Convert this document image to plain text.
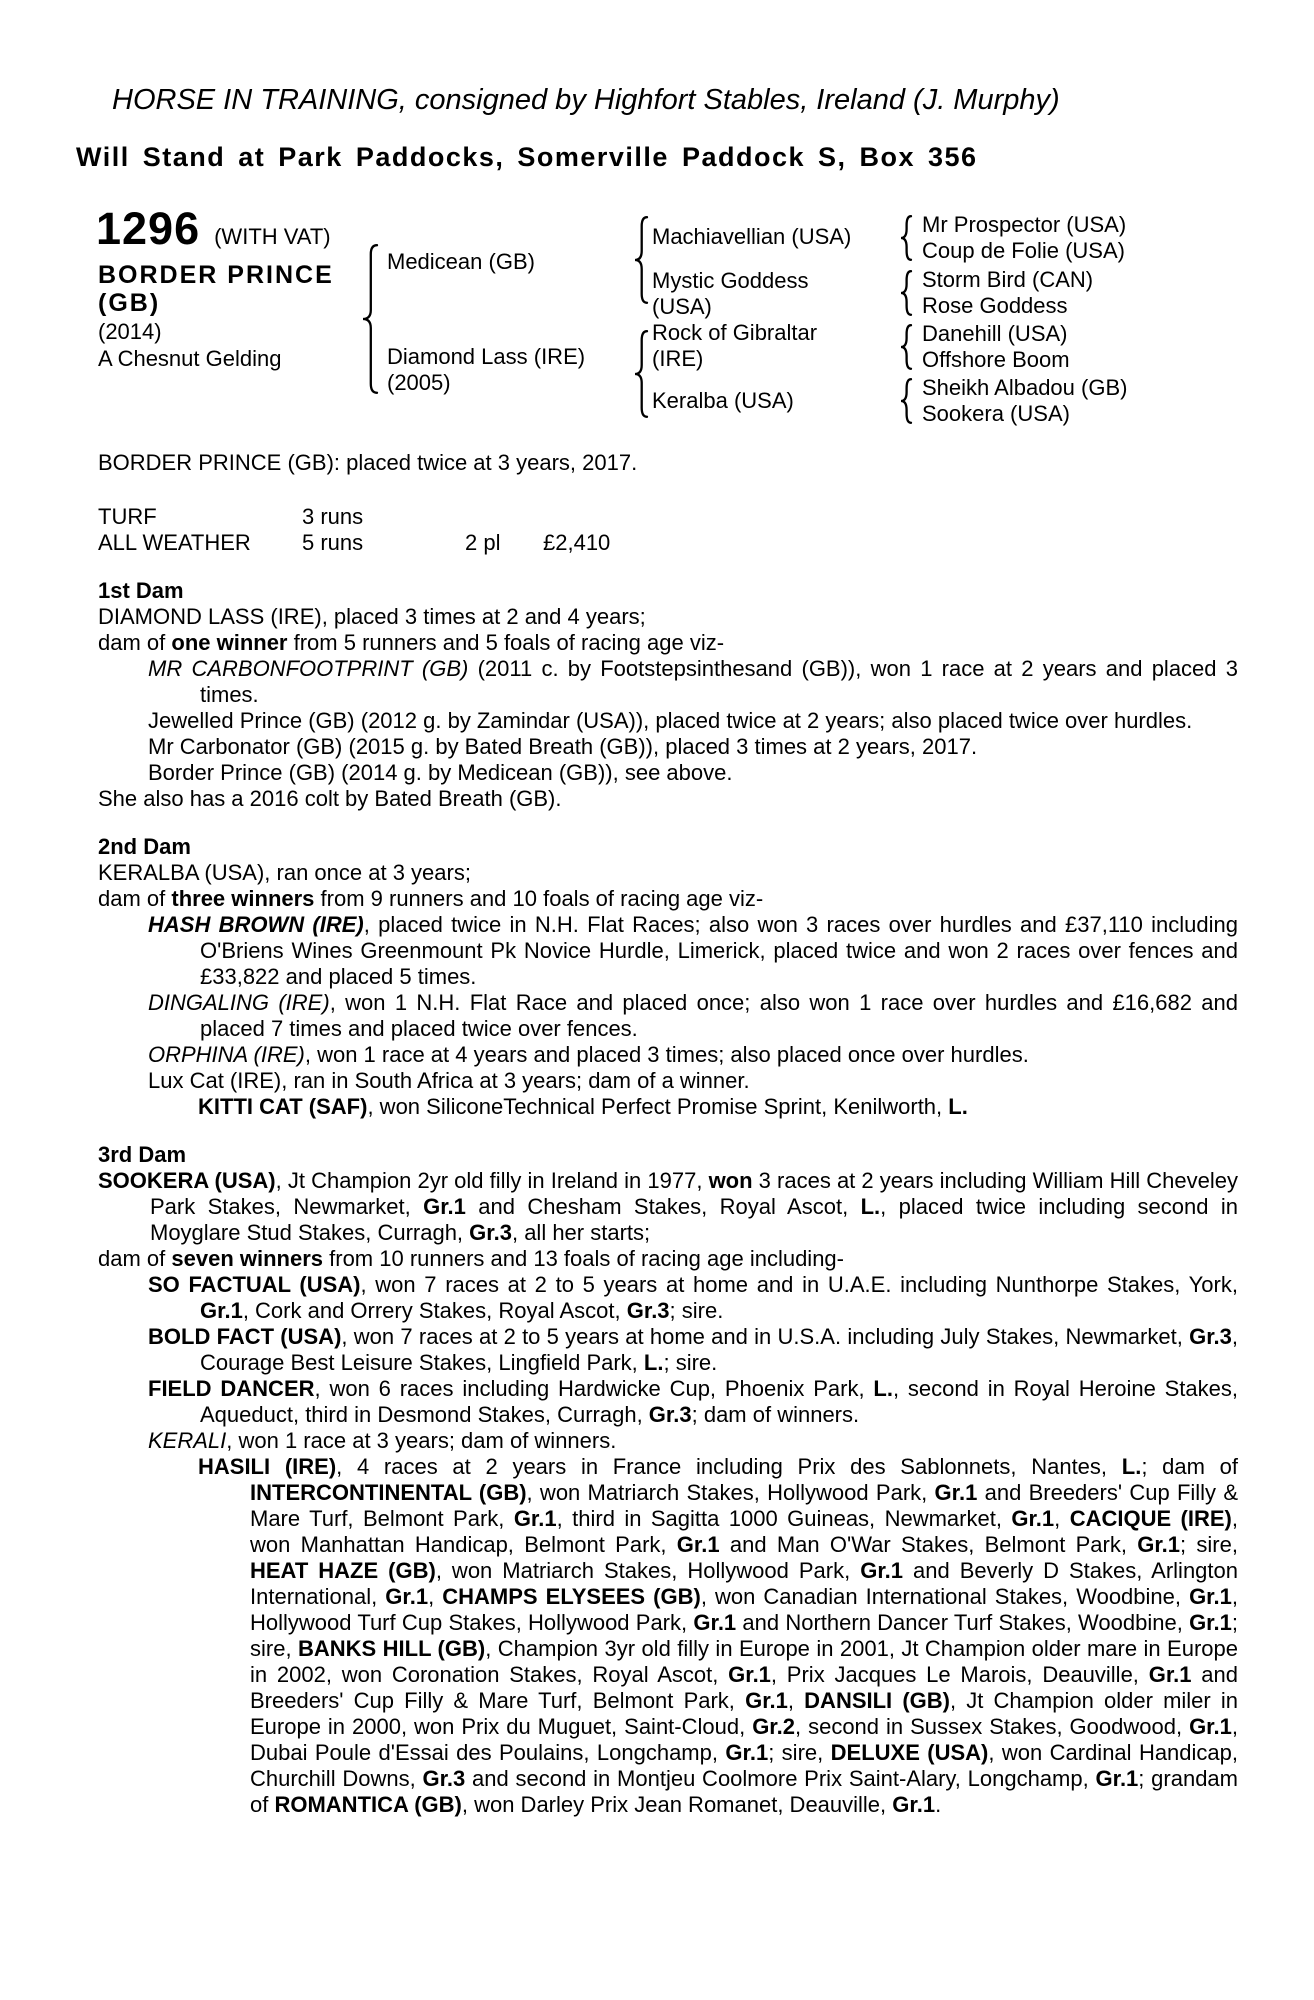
HORSE IN TRAINING, consigned by Highfort Stables, Ireland (J. Murphy)
Will Stand at Park Paddocks, Somerville Paddock S, Box 356
1296 (WITH VAT)
BORDER PRINCE
(GB)
(2014)
A Chesnut Gelding
Medicean (GB)
Diamond Lass (IRE)
(2005)
Machiavellian (USA)
Mystic Goddess
(USA)
Rock of Gibraltar
(IRE)
Keralba (USA)
Mr Prospector (USA)
Coup de Folie (USA)
Storm Bird (CAN)
Rose Goddess
Danehill (USA)
Offshore Boom
Sheikh Albadou (GB)
Sookera (USA)
BORDER PRINCE (GB): placed twice at 3 years, 2017.
TURF	3 runs
ALL WEATHER	5 runs	2 pl	£2,410
1st Dam
DIAMOND LASS (IRE), placed 3 times at 2 and 4 years;
dam of one winner from 5 runners and 5 foals of racing age viz-
MR CARBONFOOTPRINT (GB) (2011 c. by Footstepsinthesand (GB)), won 1 race at 2 years and placed 3 times.
Jewelled Prince (GB) (2012 g. by Zamindar (USA)), placed twice at 2 years; also placed twice over hurdles.
Mr Carbonator (GB) (2015 g. by Bated Breath (GB)), placed 3 times at 2 years, 2017.
Border Prince (GB) (2014 g. by Medicean (GB)), see above.
She also has a 2016 colt by Bated Breath (GB).
2nd Dam
KERALBA (USA), ran once at 3 years;
dam of three winners from 9 runners and 10 foals of racing age viz-
HASH BROWN (IRE), placed twice in N.H. Flat Races; also won 3 races over hurdles and £37,110 including O'Briens Wines Greenmount Pk Novice Hurdle, Limerick, placed twice and won 2 races over fences and £33,822 and placed 5 times.
DINGALING (IRE), won 1 N.H. Flat Race and placed once; also won 1 race over hurdles and £16,682 and placed 7 times and placed twice over fences.
ORPHINA (IRE), won 1 race at 4 years and placed 3 times; also placed once over hurdles.
Lux Cat (IRE), ran in South Africa at 3 years; dam of a winner.
KITTI CAT (SAF), won SiliconeTechnical Perfect Promise Sprint, Kenilworth, L.
3rd Dam
SOOKERA (USA), Jt Champion 2yr old filly in Ireland in 1977, won 3 races at 2 years including William Hill Cheveley Park Stakes, Newmarket, Gr.1 and Chesham Stakes, Royal Ascot, L., placed twice including second in Moyglare Stud Stakes, Curragh, Gr.3, all her starts;
dam of seven winners from 10 runners and 13 foals of racing age including-
SO FACTUAL (USA), won 7 races at 2 to 5 years at home and in U.A.E. including Nunthorpe Stakes, York, Gr.1, Cork and Orrery Stakes, Royal Ascot, Gr.3; sire.
BOLD FACT (USA), won 7 races at 2 to 5 years at home and in U.S.A. including July Stakes, Newmarket, Gr.3, Courage Best Leisure Stakes, Lingfield Park, L.; sire.
FIELD DANCER, won 6 races including Hardwicke Cup, Phoenix Park, L., second in Royal Heroine Stakes, Aqueduct, third in Desmond Stakes, Curragh, Gr.3; dam of winners.
KERALI, won 1 race at 3 years; dam of winners.
HASILI (IRE), 4 races at 2 years in France including Prix des Sablonnets, Nantes, L.; dam of INTERCONTINENTAL (GB), won Matriarch Stakes, Hollywood Park, Gr.1 and Breeders' Cup Filly & Mare Turf, Belmont Park, Gr.1, third in Sagitta 1000 Guineas, Newmarket, Gr.1, CACIQUE (IRE), won Manhattan Handicap, Belmont Park, Gr.1 and Man O'War Stakes, Belmont Park, Gr.1; sire, HEAT HAZE (GB), won Matriarch Stakes, Hollywood Park, Gr.1 and Beverly D Stakes, Arlington International, Gr.1, CHAMPS ELYSEES (GB), won Canadian International Stakes, Woodbine, Gr.1, Hollywood Turf Cup Stakes, Hollywood Park, Gr.1 and Northern Dancer Turf Stakes, Woodbine, Gr.1; sire, BANKS HILL (GB), Champion 3yr old filly in Europe in 2001, Jt Champion older mare in Europe in 2002, won Coronation Stakes, Royal Ascot, Gr.1, Prix Jacques Le Marois, Deauville, Gr.1 and Breeders' Cup Filly & Mare Turf, Belmont Park, Gr.1, DANSILI (GB), Jt Champion older miler in Europe in 2000, won Prix du Muguet, Saint-Cloud, Gr.2, second in Sussex Stakes, Goodwood, Gr.1, Dubai Poule d'Essai des Poulains, Longchamp, Gr.1; sire, DELUXE (USA), won Cardinal Handicap, Churchill Downs, Gr.3 and second in Montjeu Coolmore Prix Saint-Alary, Longchamp, Gr.1; grandam of ROMANTICA (GB), won Darley Prix Jean Romanet, Deauville, Gr.1.
